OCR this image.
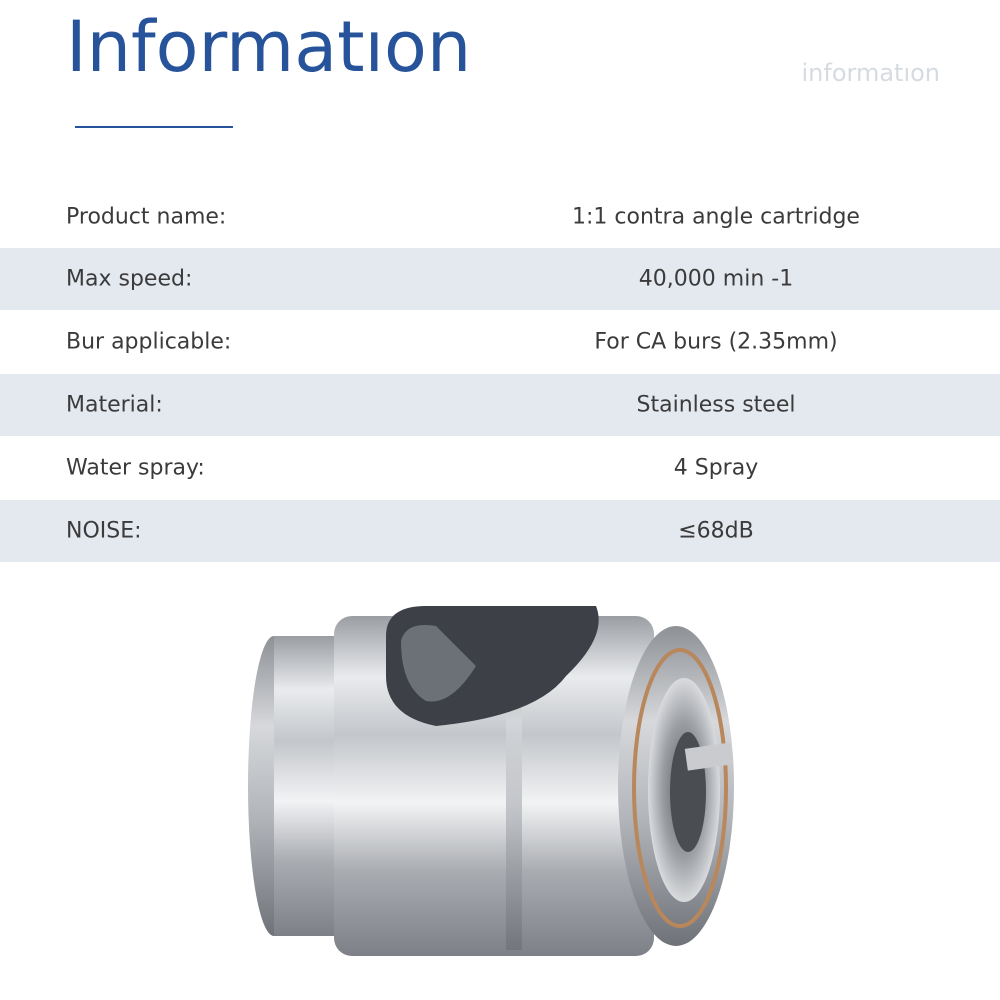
Informatıon	informatıon
Product name:	1:1 contra angle cartridge
Max speed:	40,000 min -1
Bur applicable:	For CA burs (2.35mm)
Material:	Stainless steel
Water spray:	4 Spray
NOISE:	≤68dB
